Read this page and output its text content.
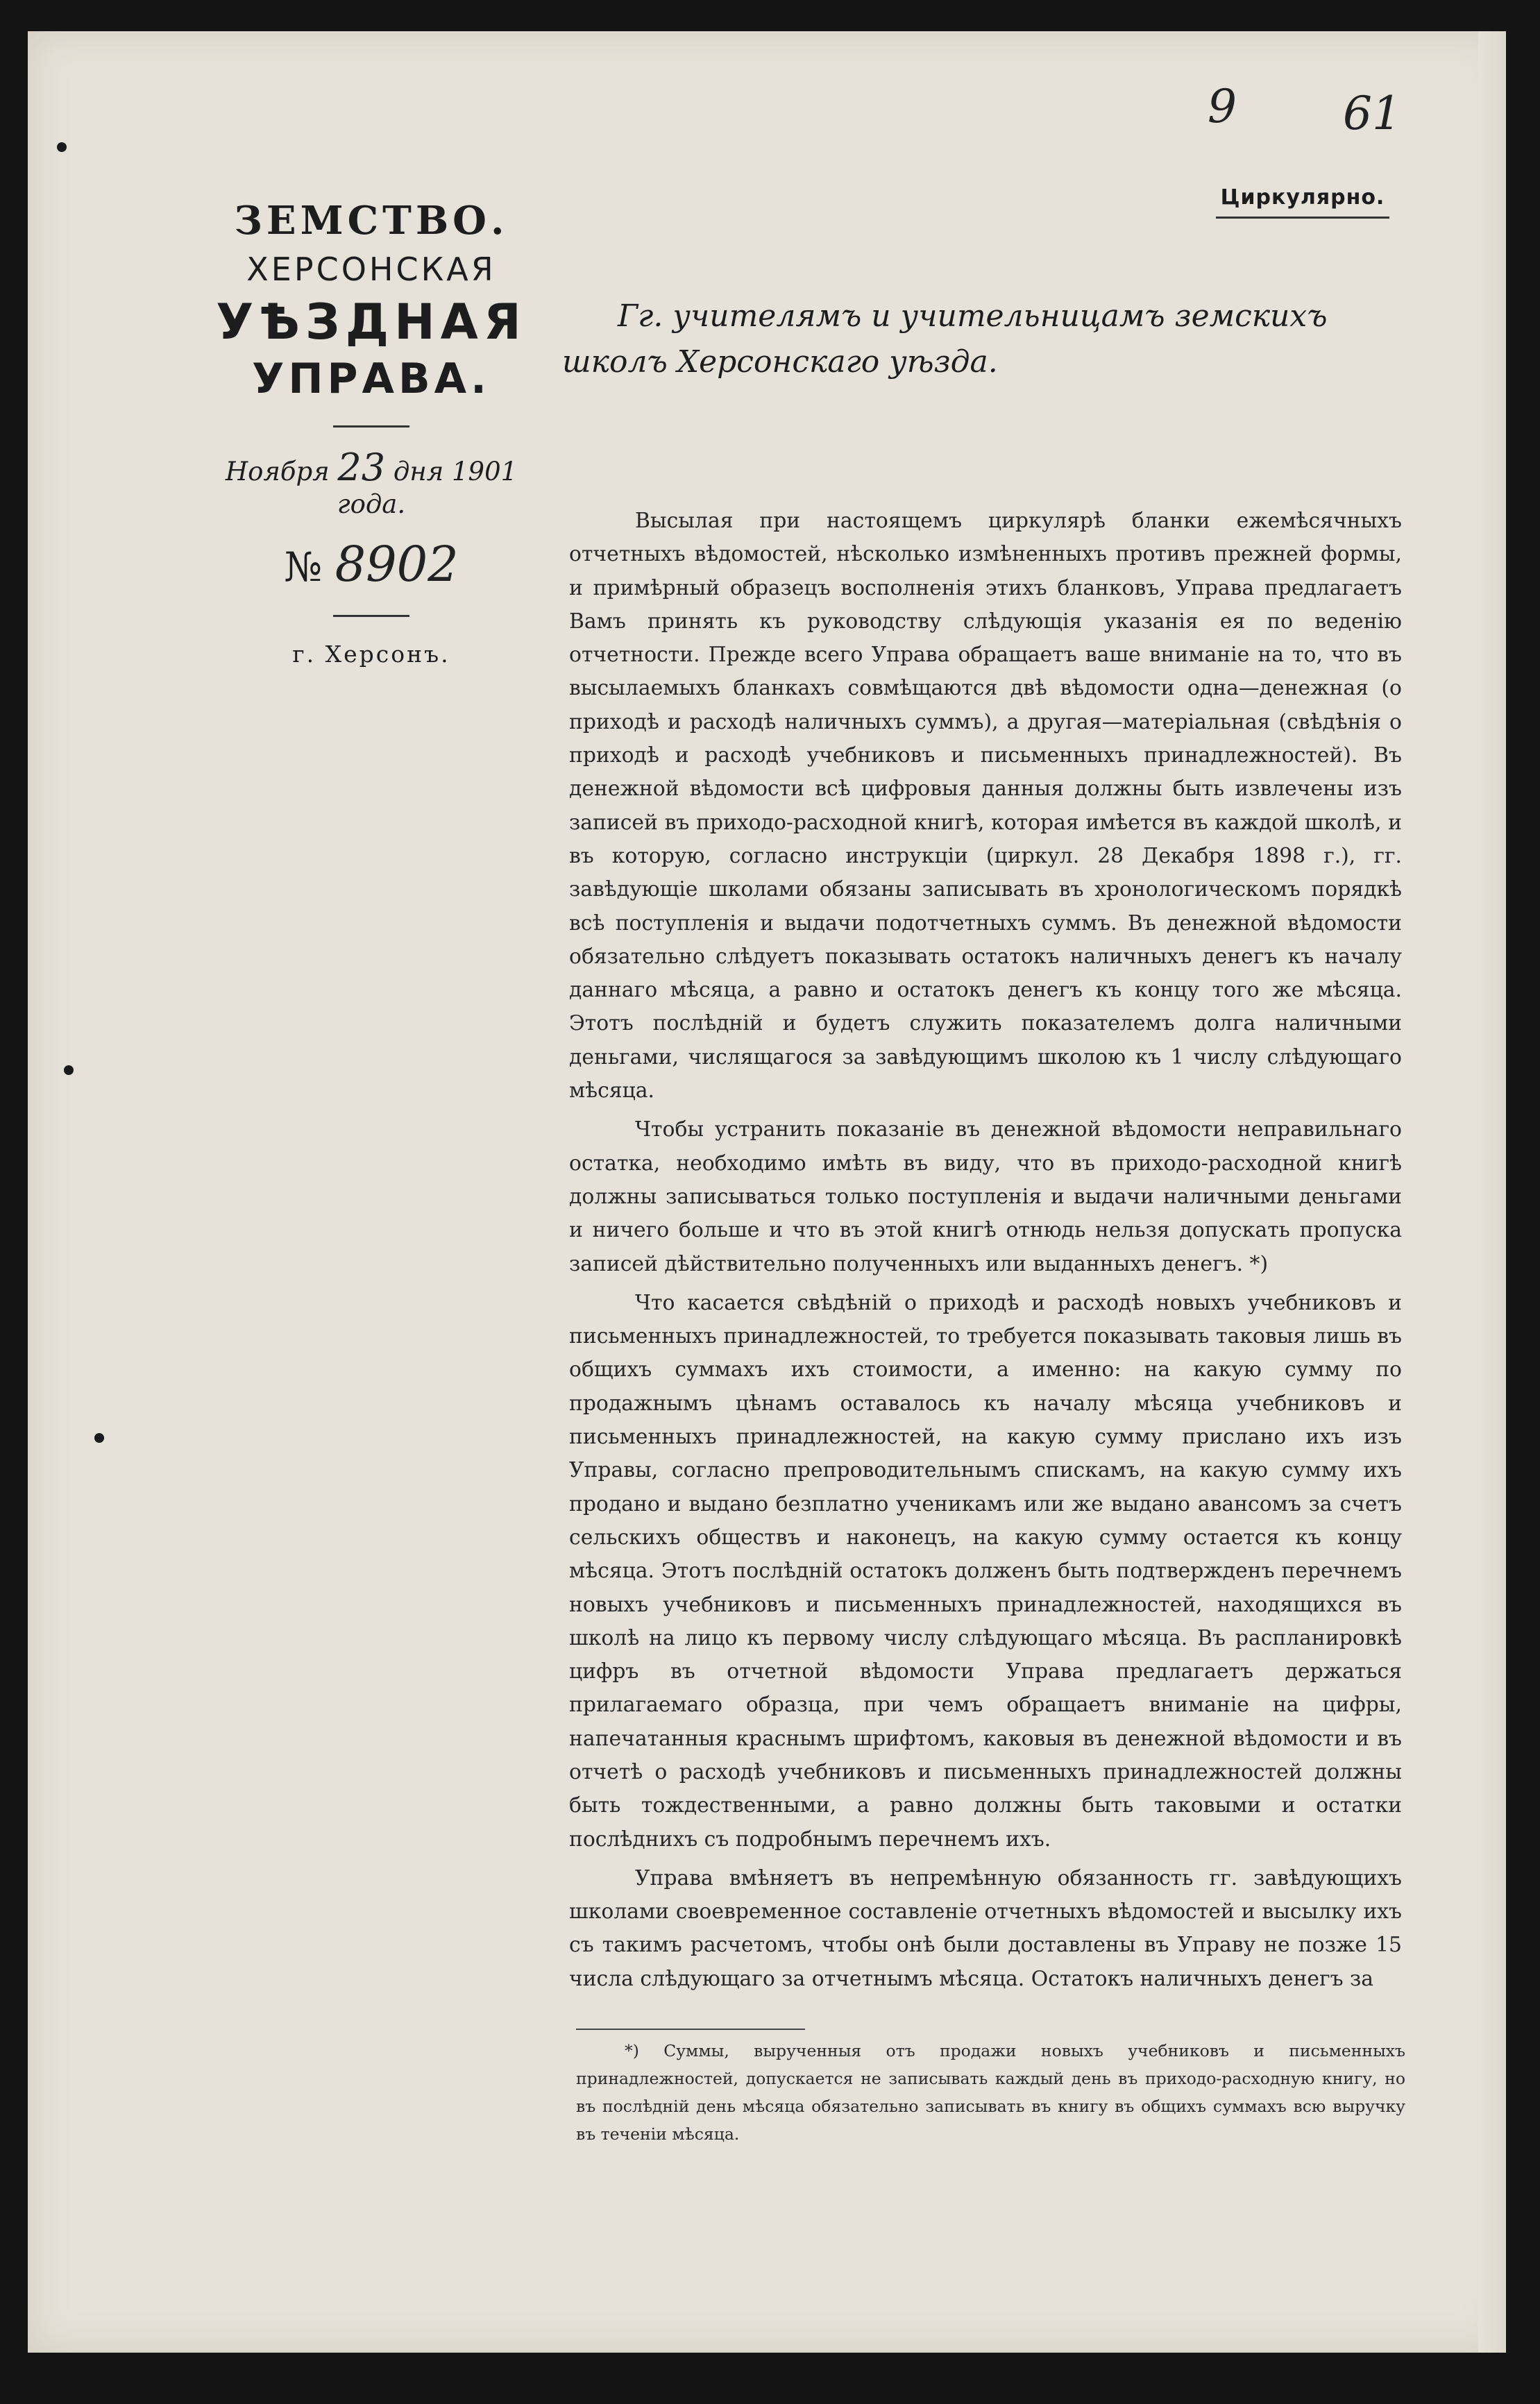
9 61
Циркулярно.
ЗЕМСТВО.
ХЕРСОНСКАЯ
УѢЗДНАЯ
УПРАВА.
Ноября 23 дня 1901 года.
№ 8902
г. Херсонъ.
Гг. учителямъ и учительницамъ земскихъ школъ Херсонскаго уѣзда.

Высылая при настоящемъ циркулярѣ бланки ежемѣсячныхъ отчетныхъ вѣдомостей, нѣсколько измѣненныхъ противъ прежней формы, и примѣрный образецъ восполненія этихъ бланковъ, Управа предлагаетъ Вамъ принять къ руководству слѣдующія указанія ея по веденію отчетности. Прежде всего Управа обращаетъ ваше вниманіе на то, что въ высылаемыхъ бланкахъ совмѣщаются двѣ вѣдомости одна—денежная (о приходѣ и расходѣ наличныхъ суммъ), а другая—матеріальная (свѣдѣнія о приходѣ и расходѣ учебниковъ и письменныхъ принадлежностей). Въ денежной вѣдомости всѣ цифровыя данныя должны быть извлечены изъ записей въ приходо-расходной книгѣ, которая имѣется въ каждой школѣ, и въ которую, согласно инструкціи (циркул. 28 Декабря 1898 г.), гг. завѣдующіе школами обязаны записывать въ хронологическомъ порядкѣ всѣ поступленія и выдачи подотчетныхъ суммъ. Въ денежной вѣдомости обязательно слѣдуетъ показывать остатокъ наличныхъ денегъ къ началу даннаго мѣсяца, а равно и остатокъ денегъ къ концу того же мѣсяца. Этотъ послѣдній и будетъ служить показателемъ долга наличными деньгами, числящагося за завѣдующимъ школою къ 1 числу слѣдующаго мѣсяца.

Чтобы устранить показаніе въ денежной вѣдомости неправильнаго остатка, необходимо имѣть въ виду, что въ приходо-расходной книгѣ должны записываться только поступленія и выдачи наличными деньгами и ничего больше и что въ этой книгѣ отнюдь нельзя допускать пропуска записей дѣйствительно полученныхъ или выданныхъ денегъ. *)

Что касается свѣдѣній о приходѣ и расходѣ новыхъ учебниковъ и письменныхъ принадлежностей, то требуется показывать таковыя лишь въ общихъ суммахъ ихъ стоимости, а именно: на какую сумму по продажнымъ цѣнамъ оставалось къ началу мѣсяца учебниковъ и письменныхъ принадлежностей, на какую сумму прислано ихъ изъ Управы, согласно препроводительнымъ спискамъ, на какую сумму ихъ продано и выдано безплатно ученикамъ или же выдано авансомъ за счетъ сельскихъ обществъ и наконецъ, на какую сумму остается къ концу мѣсяца. Этотъ послѣдній остатокъ долженъ быть подтвержденъ перечнемъ новыхъ учебниковъ и письменныхъ принадлежностей, находящихся въ школѣ на лицо къ первому числу слѣдующаго мѣсяца. Въ распланировкѣ цифръ въ отчетной вѣдомости Управа предлагаетъ держаться прилагаемаго образца, при чемъ обращаетъ вниманіе на цифры, напечатанныя краснымъ шрифтомъ, каковыя въ денежной вѣдомости и въ отчетѣ о расходѣ учебниковъ и письменныхъ принадлежностей должны быть тождественными, а равно должны быть таковыми и остатки послѣднихъ съ подробнымъ перечнемъ ихъ.

Управа вмѣняетъ въ непремѣнную обязанность гг. завѣдующихъ школами своевременное составленіе отчетныхъ вѣдомостей и высылку ихъ съ такимъ расчетомъ, чтобы онѣ были доставлены въ Управу не позже 15 числа слѣдующаго за отчетнымъ мѣсяца. Остатокъ наличныхъ денегъ за

*) Суммы, вырученныя отъ продажи новыхъ учебниковъ и письменныхъ принадлежностей, допускается не записывать каждый день въ приходо-расходную книгу, но въ послѣдній день мѣсяца обязательно записывать въ книгу въ общихъ суммахъ всю выручку въ теченіи мѣсяца.
